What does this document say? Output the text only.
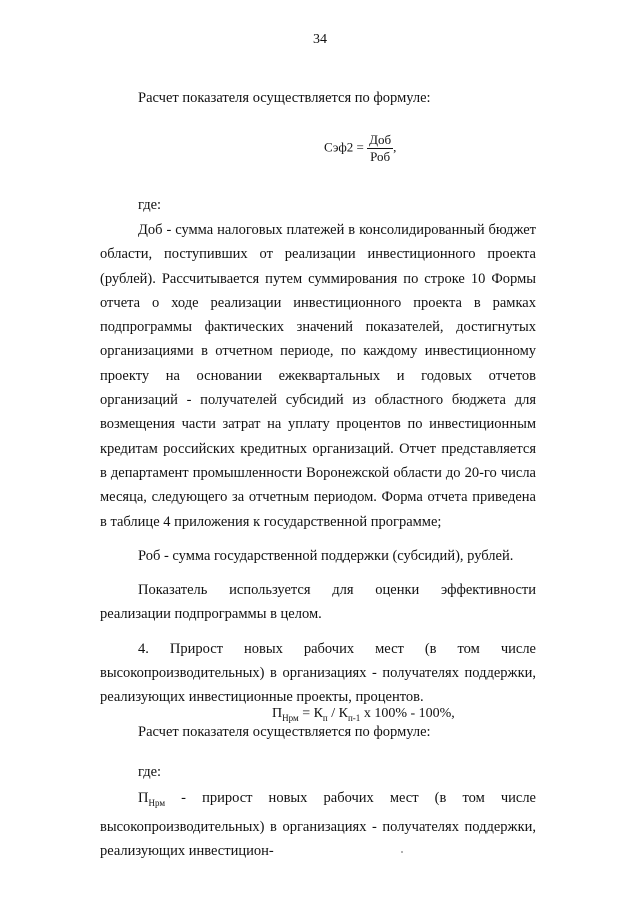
34
Расчет показателя осуществляется по формуле:
$Сэф2 = \frac{\text{Доб}}{\text{Роб}}$ ,
где:

Доб - сумма налоговых платежей в консолидированный бюджет области, поступивших от реализации инвестиционного проекта (рублей). Рассчитывается путем суммирования по строке 10 Формы отчета о ходе реализации инвестиционного проекта в рамках подпрограммы фактических значений показателей, достигнутых организациями в отчетном периоде, по каждому инвестиционному проекту на основании ежеквартальных и годовых отчетов организаций - получателей субсидий из областного бюджета для возмещения части затрат на уплату процентов по инвестиционным кредитам российских кредитных организаций. Отчет представляется в департамент промышленности Воронежской области до 20-го числа месяца, следующего за отчетным периодом. Форма отчета приведена в таблице 4 приложения к государственной программе;

Роб - сумма государственной поддержки (субсидий), рублей.

Показатель используется для оценки эффективности реализации подпрограммы в целом.

4. Прирост новых рабочих мест (в том числе высокопроизводительных) в организациях - получателях поддержки, реализующих инвестиционные проекты, процентов.

Расчет показателя осуществляется по формуле:

$П_{Нрм} = К_п / К_{п-1}$ х 100% - 100%,
где:

$П_{Нрм}$ - прирост новых рабочих мест (в том числе высокопроизводительных) в организациях - получателях поддержки, реализующих инвестицион-
